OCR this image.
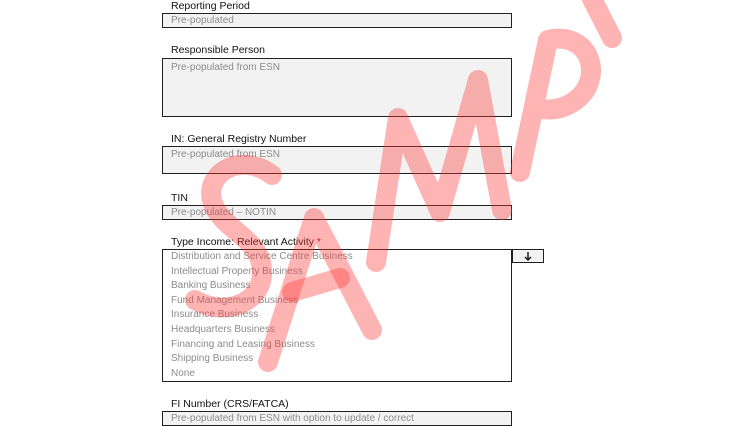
Reporting Period
Pre-populated
Responsible Person
Pre-populated from ESN
IN: General Registry Number
Pre-populated from ESN
TIN
Pre-populated – NOTIN
Type Income: Relevant Activity *
Distribution and Service Centre Business
Intellectual Property Business
Banking Business
Fund Management Business
Insurance Business
Headquarters Business
Financing and Leasing Business
Shipping Business
None
FI Number (CRS/FATCA)
Pre-populated from ESN with option to update / correct
